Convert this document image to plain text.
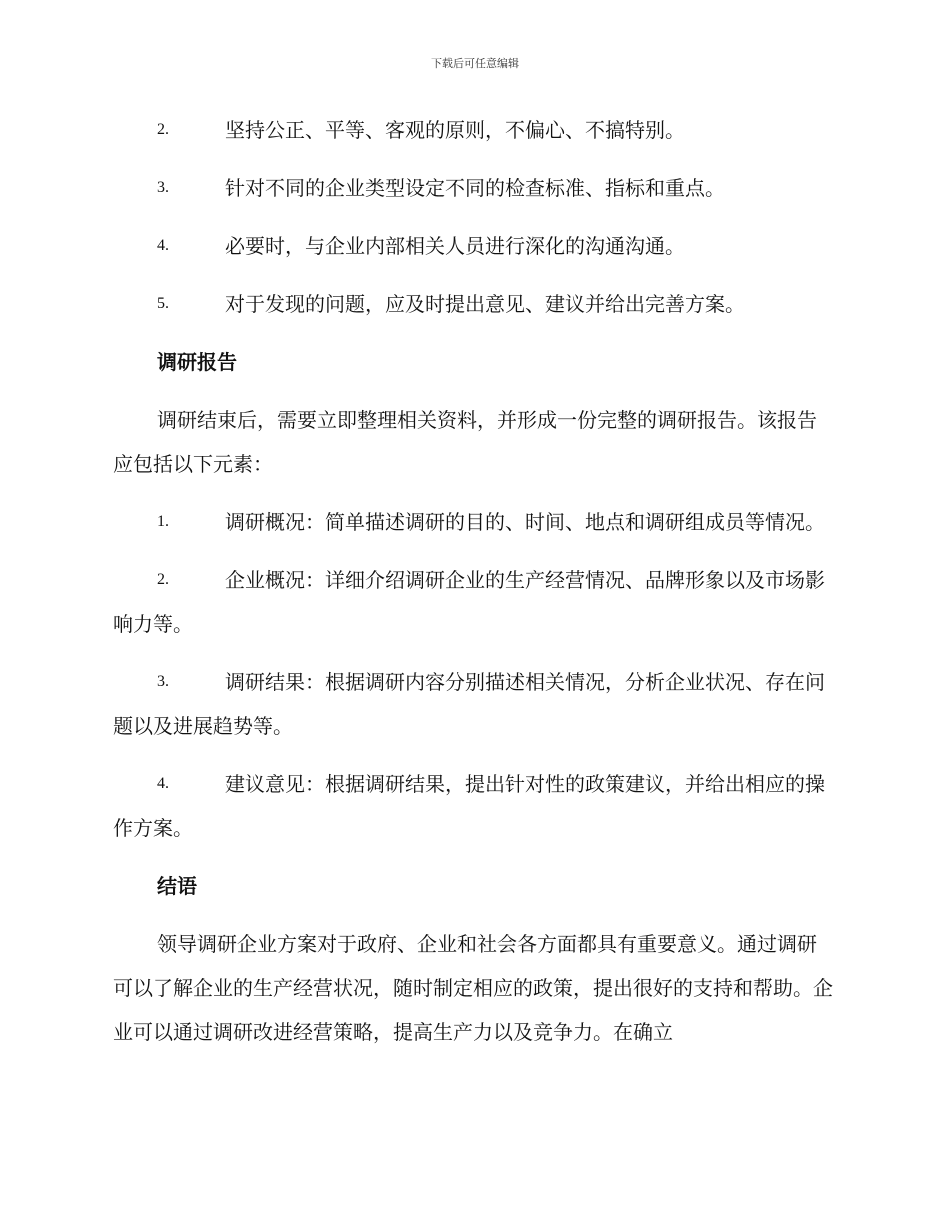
下载后可任意编辑
2.	坚持公正、平等、客观的原则，不偏心、不搞特别。
3.	针对不同的企业类型设定不同的检查标准、指标和重点。
4.	必要时，与企业内部相关人员进行深化的沟通沟通。
5.	对于发现的问题，应及时提出意见、建议并给出完善方案。
调研报告
调研结束后，需要立即整理相关资料，并形成一份完整的调研报告。该报告应包括以下元素：
1.	调研概况：简单描述调研的目的、时间、地点和调研组成员等情况。
2.	企业概况：详细介绍调研企业的生产经营情况、品牌形象以及市场影响力等。
3.	调研结果：根据调研内容分别描述相关情况，分析企业状况、存在问题以及进展趋势等。
4.	建议意见：根据调研结果，提出针对性的政策建议，并给出相应的操作方案。
结语
领导调研企业方案对于政府、企业和社会各方面都具有重要意义。通过调研可以了解企业的生产经营状况，随时制定相应的政策，提出很好的支持和帮助。企业可以通过调研改进经营策略，提高生产力以及竞争力。在确立
